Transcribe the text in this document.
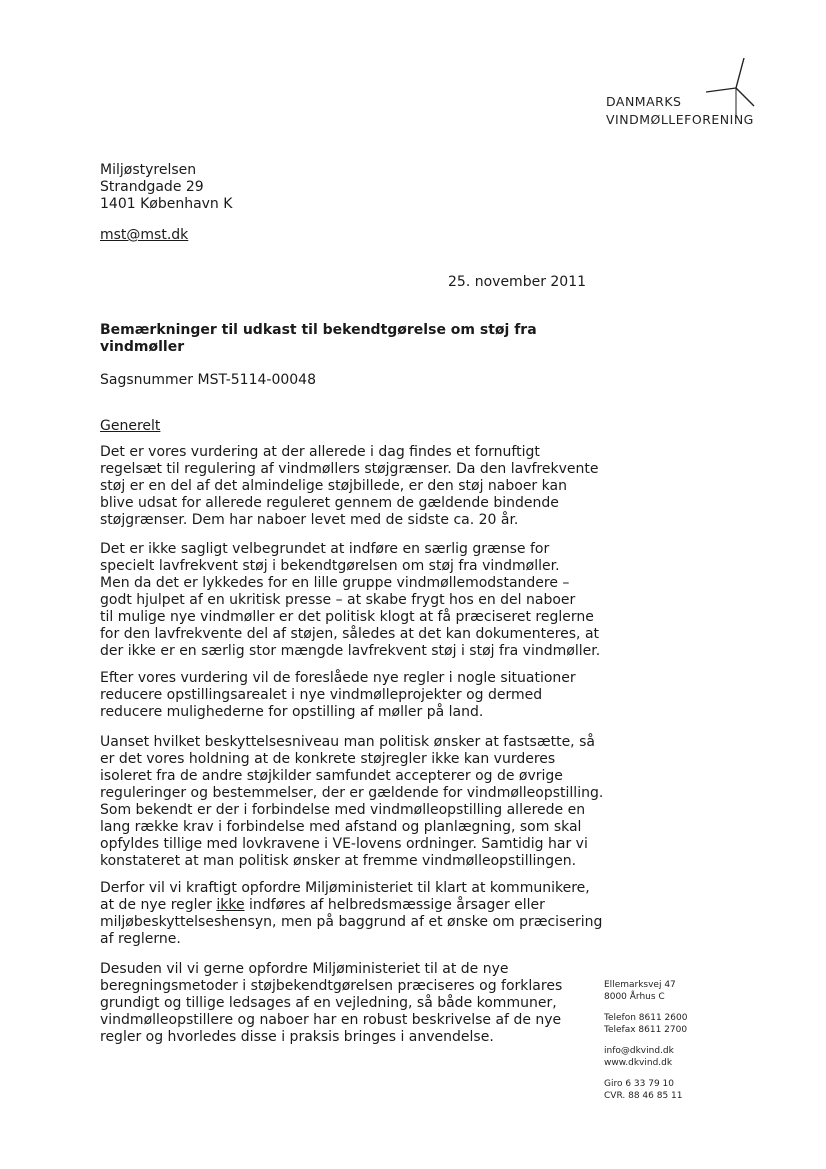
DANMARKS
VINDMØLLEFORENING
Miljøstyrelsen
Strandgade 29
1401 København K
mst@mst.dk
25. november 2011
Bemærkninger til udkast til bekendtgørelse om støj fra vindmøller
Sagsnummer MST-5114-00048
Generelt
Det er vores vurdering at der allerede i dag findes et fornuftigt
regelsæt til regulering af vindmøllers støjgrænser. Da den lavfrekvente
støj er en del af det almindelige støjbillede, er den støj naboer kan
blive udsat for allerede reguleret gennem de gældende bindende
støjgrænser. Dem har naboer levet med de sidste ca. 20 år.
Det er ikke sagligt velbegrundet at indføre en særlig grænse for
specielt lavfrekvent støj i bekendtgørelsen om støj fra vindmøller.
Men da det er lykkedes for en lille gruppe vindmøllemodstandere –
godt hjulpet af en ukritisk presse – at skabe frygt hos en del naboer
til mulige nye vindmøller er det politisk klogt at få præciseret reglerne
for den lavfrekvente del af støjen, således at det kan dokumenteres, at
der ikke er en særlig stor mængde lavfrekvent støj i støj fra vindmøller.
Efter vores vurdering vil de foreslåede nye regler i nogle situationer
reducere opstillingsarealet i nye vindmølleprojekter og dermed
reducere mulighederne for opstilling af møller på land.
Uanset hvilket beskyttelsesniveau man politisk ønsker at fastsætte, så
er det vores holdning at de konkrete støjregler ikke kan vurderes
isoleret fra de andre støjkilder samfundet accepterer og de øvrige
reguleringer og bestemmelser, der er gældende for vindmølleopstilling.
Som bekendt er der i forbindelse med vindmølleopstilling allerede en
lang række krav i forbindelse med afstand og planlægning, som skal
opfyldes tillige med lovkravene i VE-lovens ordninger. Samtidig har vi
konstateret at man politisk ønsker at fremme vindmølleopstillingen.
Derfor vil vi kraftigt opfordre Miljøministeriet til klart at kommunikere,
at de nye regler ikke indføres af helbredsmæssige årsager eller
miljøbeskyttelseshensyn, men på baggrund af et ønske om præcisering
af reglerne.
Desuden vil vi gerne opfordre Miljøministeriet til at de nye
beregningsmetoder i støjbekendtgørelsen præciseres og forklares
grundigt og tillige ledsages af en vejledning, så både kommuner,
vindmølleopstillere og naboer har en robust beskrivelse af de nye
regler og hvorledes disse i praksis bringes i anvendelse.
Ellemarksvej 47
8000 Århus C
Telefon 8611 2600
Telefax 8611 2700
info@dkvind.dk
www.dkvind.dk
Giro 6 33 79 10
CVR. 88 46 85 11
